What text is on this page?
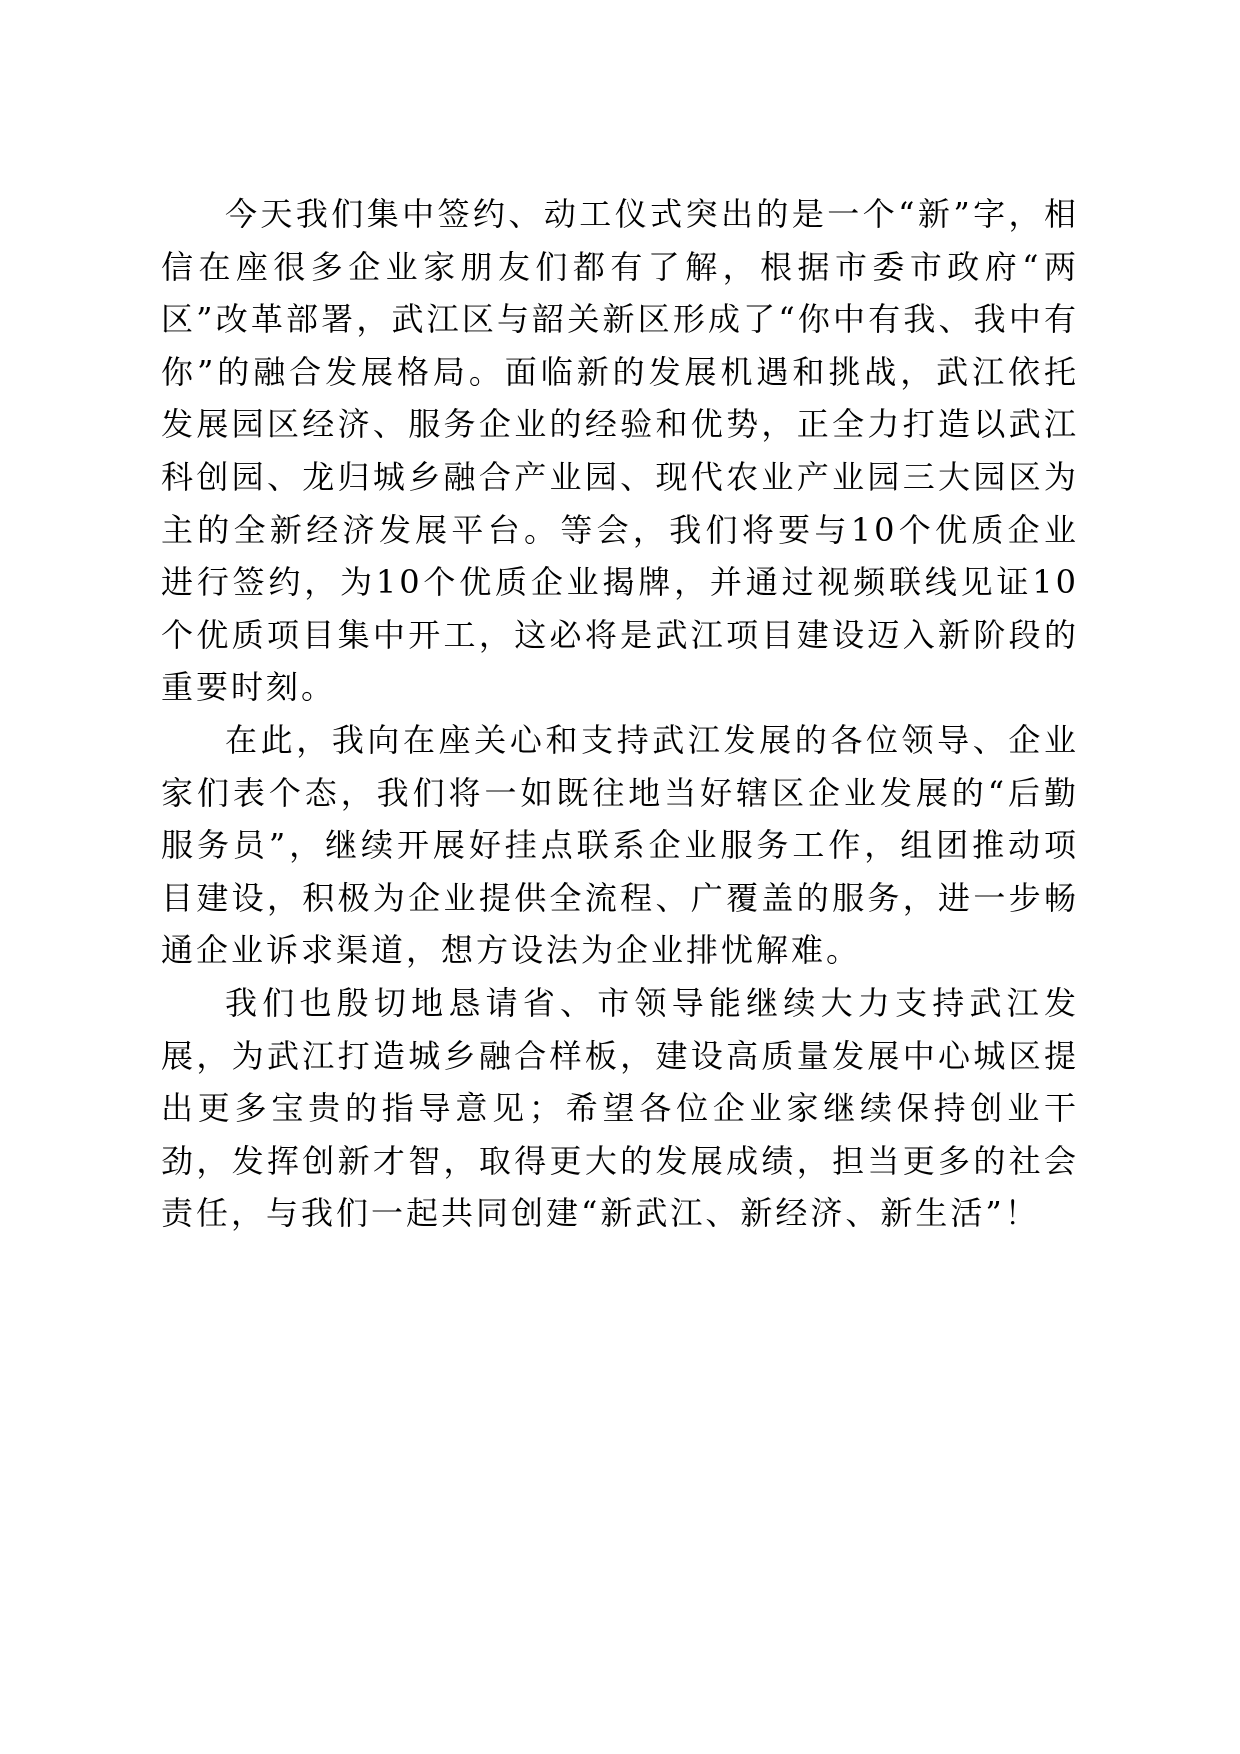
今天我们集中签约、动工仪式突出的是一个“新”字，相信在座很多企业家朋友们都有了解，根据市委市政府“两区”改革部署，武江区与韶关新区形成了“你中有我、我中有你”的融合发展格局。面临新的发展机遇和挑战，武江依托发展园区经济、服务企业的经验和优势，正全力打造以武江科创园、龙归城乡融合产业园、现代农业产业园三大园区为主的全新经济发展平台。等会，我们将要与10个优质企业进行签约，为10个优质企业揭牌，并通过视频联线见证10个优质项目集中开工，这必将是武江项目建设迈入新阶段的重要时刻。

在此，我向在座关心和支持武江发展的各位领导、企业家们表个态，我们将一如既往地当好辖区企业发展的“后勤服务员”，继续开展好挂点联系企业服务工作，组团推动项目建设，积极为企业提供全流程、广覆盖的服务，进一步畅通企业诉求渠道，想方设法为企业排忧解难。

我们也殷切地恳请省、市领导能继续大力支持武江发展，为武江打造城乡融合样板，建设高质量发展中心城区提出更多宝贵的指导意见；希望各位企业家继续保持创业干劲，发挥创新才智，取得更大的发展成绩，担当更多的社会责任，与我们一起共同创建“新武江、新经济、新生活”！
